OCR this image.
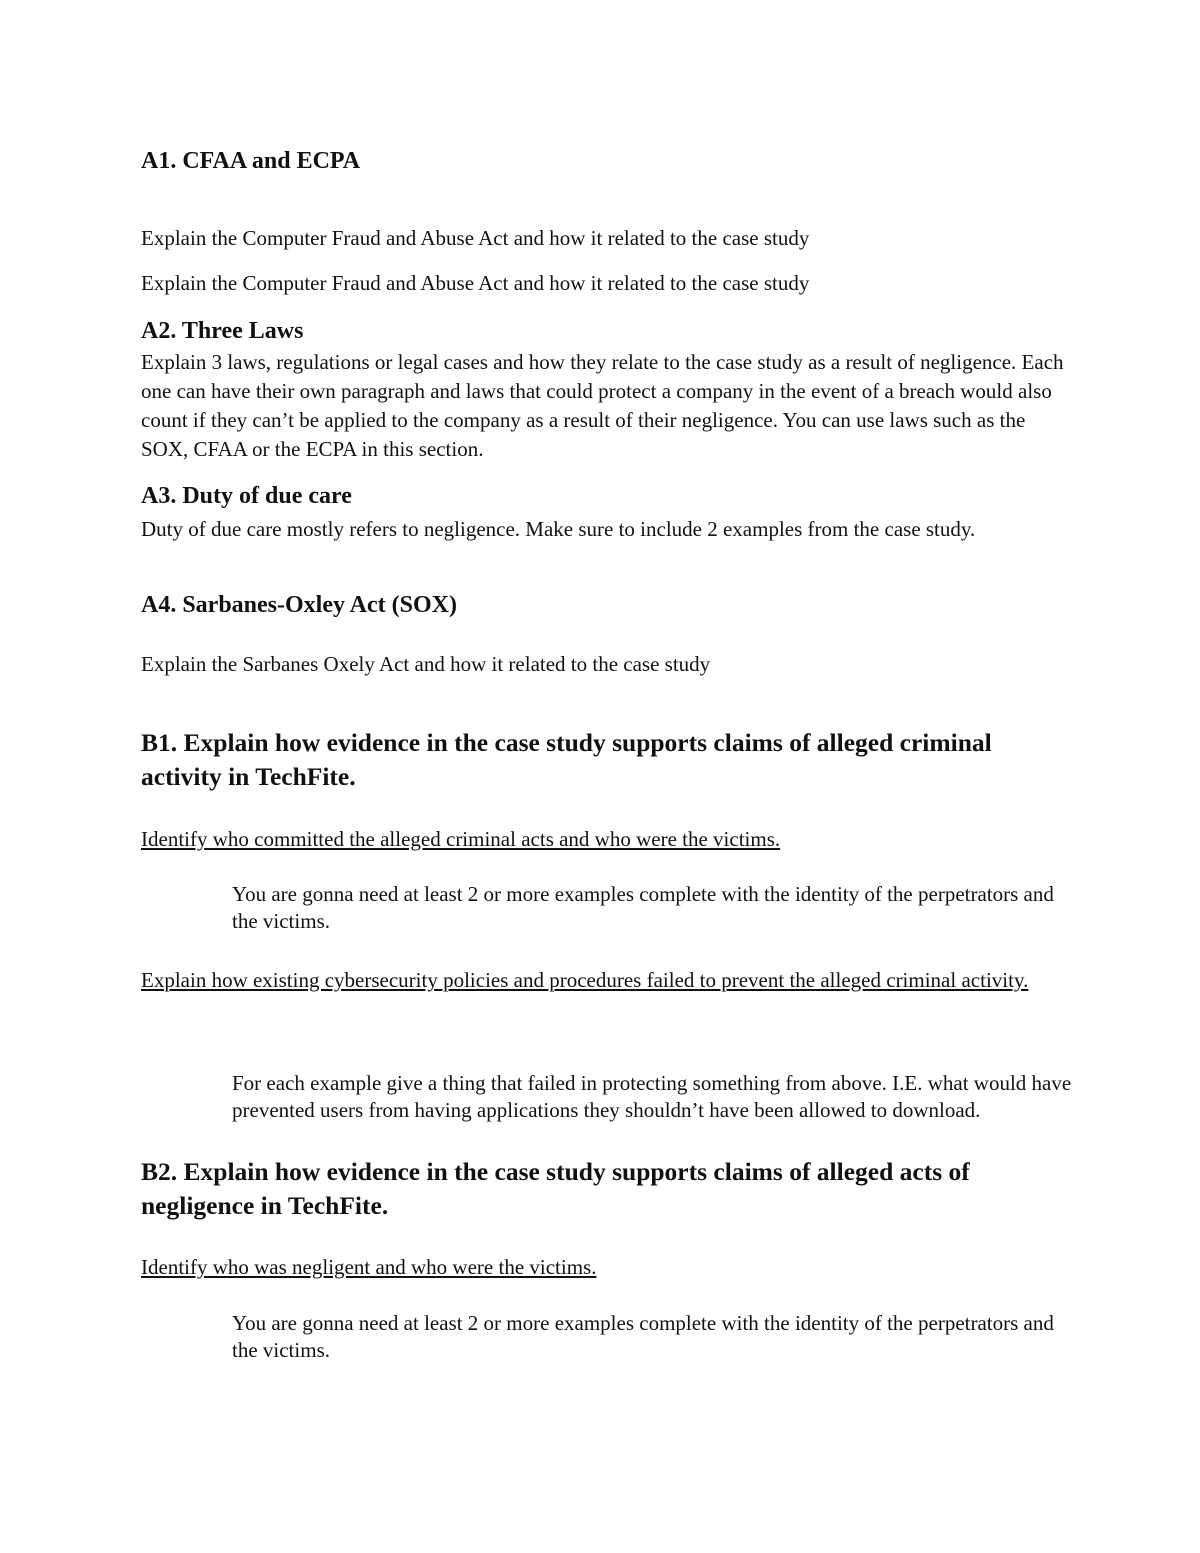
A1. CFAA and ECPA
Explain the Computer Fraud and Abuse Act and how it related to the case study
Explain the Computer Fraud and Abuse Act and how it related to the case study
A2. Three Laws
Explain 3 laws, regulations or legal cases and how they relate to the case study as a result of negligence. Each one can have their own paragraph and laws that could protect a company in the event of a breach would also count if they can’t be applied to the company as a result of their negligence. You can use laws such as the SOX, CFAA or the ECPA in this section.
A3. Duty of due care
Duty of due care mostly refers to negligence. Make sure to include 2 examples from the case study.
A4. Sarbanes-Oxley Act (SOX)
Explain the Sarbanes Oxely Act and how it related to the case study
B1. Explain how evidence in the case study supports claims of alleged criminal activity in TechFite.
Identify who committed the alleged criminal acts and who were the victims.
You are gonna need at least 2 or more examples complete with the identity of the perpetrators and the victims.
Explain how existing cybersecurity policies and procedures failed to prevent the alleged criminal activity.
For each example give a thing that failed in protecting something from above. I.E. what would have prevented users from having applications they shouldn’t have been allowed to download.
B2. Explain how evidence in the case study supports claims of alleged acts of negligence in TechFite.
Identify who was negligent and who were the victims.
You are gonna need at least 2 or more examples complete with the identity of the perpetrators and the victims.
